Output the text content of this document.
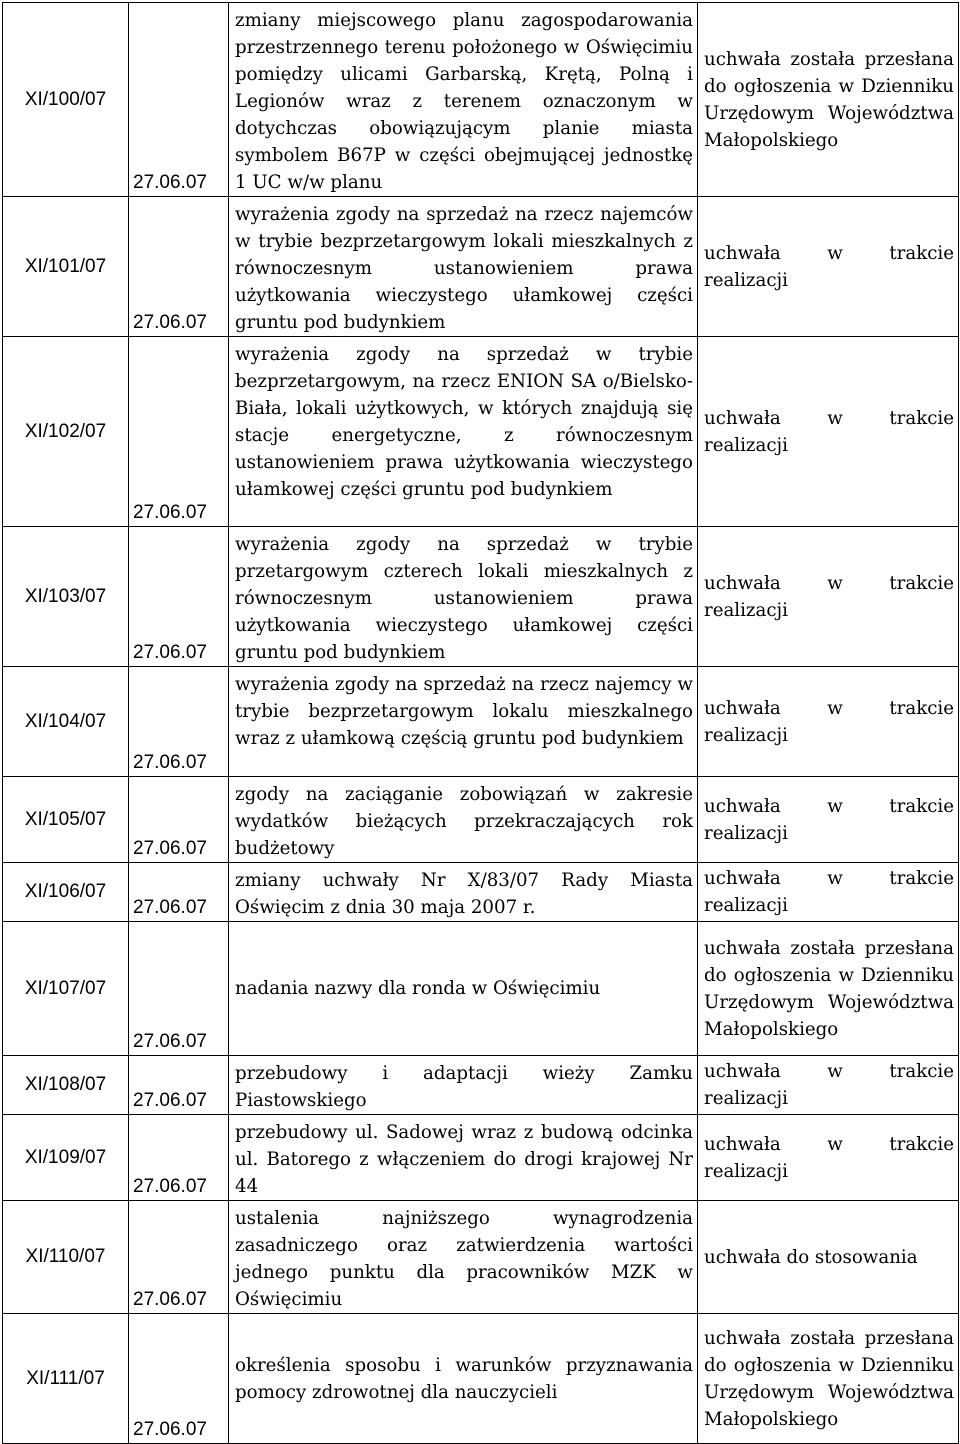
XI/100/07	27.06.07	zmiany miejscowego planu zagospodarowania przestrzennego terenu położonego w Oświęcimiu pomiędzy ulicami Garbarską, Krętą, Polną i Legionów wraz z terenem oznaczonym w dotychczas obowiązującym planie miasta symbolem B67P w części obejmującej jednostkę 1 UC w/w planu	uchwała została przesłana do ogłoszenia w Dzienniku Urzędowym Województwa Małopolskiego
XI/101/07	27.06.07	wyrażenia zgody na sprzedaż na rzecz najemców w trybie bezprzetargowym lokali mieszkalnych z równoczesnym ustanowieniem prawa użytkowania wieczystego ułamkowej części gruntu pod budynkiem	uchwała w trakcie realizacji
XI/102/07	27.06.07	wyrażenia zgody na sprzedaż w trybie bezprzetargowym, na rzecz ENION SA o/Bielsko-Biała, lokali użytkowych, w których znajdują się stacje energetyczne, z równoczesnym ustanowieniem prawa użytkowania wieczystego ułamkowej części gruntu pod budynkiem	uchwała w trakcie realizacji
XI/103/07	27.06.07	wyrażenia zgody na sprzedaż w trybie przetargowym czterech lokali mieszkalnych z równoczesnym ustanowieniem prawa użytkowania wieczystego ułamkowej części gruntu pod budynkiem	uchwała w trakcie realizacji
XI/104/07	27.06.07	wyrażenia zgody na sprzedaż na rzecz najemcy w trybie bezprzetargowym lokalu mieszkalnego wraz z ułamkową częścią gruntu pod budynkiem	uchwała w trakcie realizacji
XI/105/07	27.06.07	zgody na zaciąganie zobowiązań w zakresie wydatków bieżących przekraczających rok budżetowy	uchwała w trakcie realizacji
XI/106/07	27.06.07	zmiany uchwały Nr X/83/07 Rady Miasta Oświęcim z dnia 30 maja 2007 r.	uchwała w trakcie realizacji
XI/107/07	27.06.07	nadania nazwy dla ronda w Oświęcimiu	uchwała została przesłana do ogłoszenia w Dzienniku Urzędowym Województwa Małopolskiego
XI/108/07	27.06.07	przebudowy i adaptacji wieży Zamku Piastowskiego	uchwała w trakcie realizacji
XI/109/07	27.06.07	przebudowy ul. Sadowej wraz z budową odcinka ul. Batorego z włączeniem do drogi krajowej Nr 44	uchwała w trakcie realizacji
XI/110/07	27.06.07	ustalenia najniższego wynagrodzenia zasadniczego oraz zatwierdzenia wartości jednego punktu dla pracowników MZK w Oświęcimiu	uchwała do stosowania
XI/111/07	27.06.07	określenia sposobu i warunków przyznawania pomocy zdrowotnej dla nauczycieli	uchwała została przesłana do ogłoszenia w Dzienniku Urzędowym Województwa Małopolskiego
